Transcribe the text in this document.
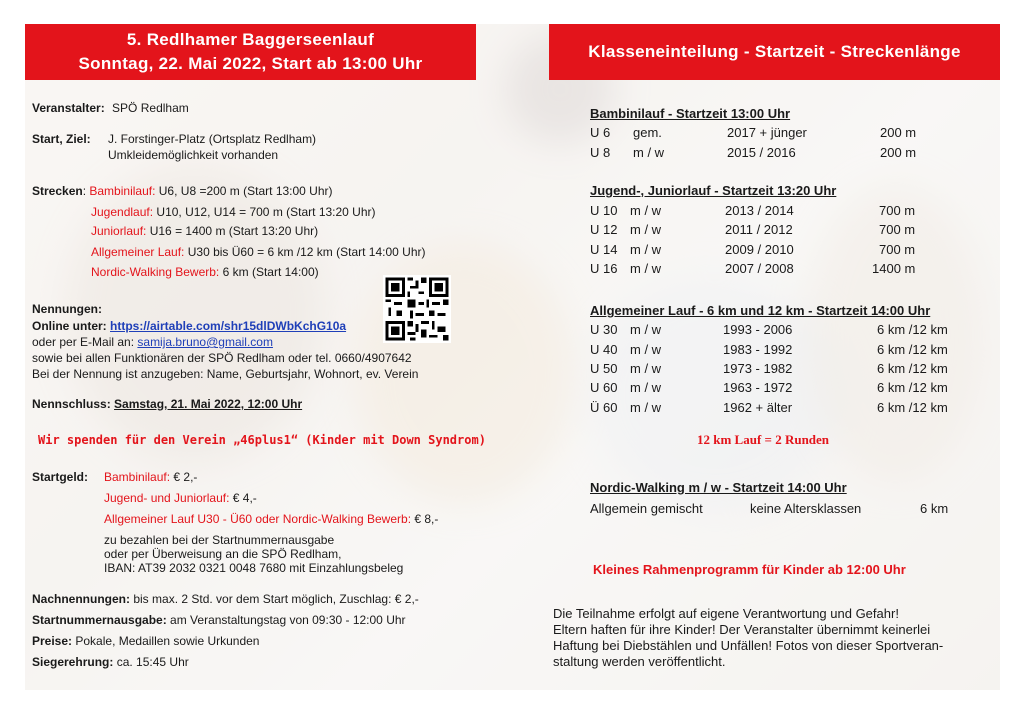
5. Redlhamer Baggerseenlauf
Sonntag, 22. Mai 2022, Start ab 13:00 Uhr
Klasseneinteilung - Startzeit - Streckenlänge
Veranstalter: SPÖ Redlham
Start, Ziel: J. Forstinger-Platz (Ortsplatz Redlham)
Umkleidemöglichkeit vorhanden
Strecken: Bambinilauf: U6, U8 =200 m (Start 13:00 Uhr)
Jugendlauf: U10, U12, U14 = 700 m (Start 13:20 Uhr)
Juniorlauf: U16 = 1400 m (Start 13:20 Uhr)
Allgemeiner Lauf: U30 bis Ü60 = 6 km /12 km (Start 14:00 Uhr)
Nordic-Walking Bewerb: 6 km (Start 14:00)
Nennungen:
Online unter: https://airtable.com/shr15dlDWbKchG10a
oder per E-Mail an: samija.bruno@gmail.com
sowie bei allen Funktionären der SPÖ Redlham oder tel. 0660/4907642
Bei der Nennung ist anzugeben: Name, Geburtsjahr, Wohnort, ev. Verein
Nennschluss: Samstag, 21. Mai 2022, 12:00 Uhr
Wir spenden für den Verein „46plus1“ (Kinder mit Down Syndrom)
Startgeld: Bambinilauf: € 2,-
Jugend- und Juniorlauf: € 4,-
Allgemeiner Lauf U30 - Ü60 oder Nordic-Walking Bewerb: € 8,-
zu bezahlen bei der Startnummernausgabe
oder per Überweisung an die SPÖ Redlham,
IBAN: AT39 2032 0321 0048 7680 mit Einzahlungsbeleg
Nachnennungen: bis max. 2 Std. vor dem Start möglich, Zuschlag: € 2,-
Startnummernausgabe: am Veranstaltungstag von 09:30 - 12:00 Uhr
Preise: Pokale, Medaillen sowie Urkunden
Siegerehrung: ca. 15:45 Uhr
Bambinilauf - Startzeit 13:00 Uhr
U 6 gem.	2017 + jünger	200 m
U 8 m / w	2015 / 2016	200 m
Jugend-, Juniorlauf - Startzeit 13:20 Uhr
U 10 m / w	2013 / 2014	700 m
U 12 m / w	2011 / 2012	700 m
U 14 m / w	2009 / 2010	700 m
U 16 m / w	2007 / 2008	1400 m
Allgemeiner Lauf - 6 km und 12 km - Startzeit 14:00 Uhr
U 30 m / w	1993 - 2006	6 km /12 km
U 40 m / w	1983 - 1992	6 km /12 km
U 50 m / w	1973 - 1982	6 km /12 km
U 60 m / w	1963 - 1972	6 km /12 km
Ü 60 m / w	1962 + älter	6 km /12 km
12 km Lauf = 2 Runden
Nordic-Walking m / w - Startzeit 14:00 Uhr
Allgemein gemischt	keine Altersklassen	6 km
Kleines Rahmenprogramm für Kinder ab 12:00 Uhr
Die Teilnahme erfolgt auf eigene Verantwortung und Gefahr!
Eltern haften für ihre Kinder! Der Veranstalter übernimmt keinerlei
Haftung bei Diebstählen und Unfällen! Fotos von dieser Sportveran-
staltung werden veröffentlicht.
